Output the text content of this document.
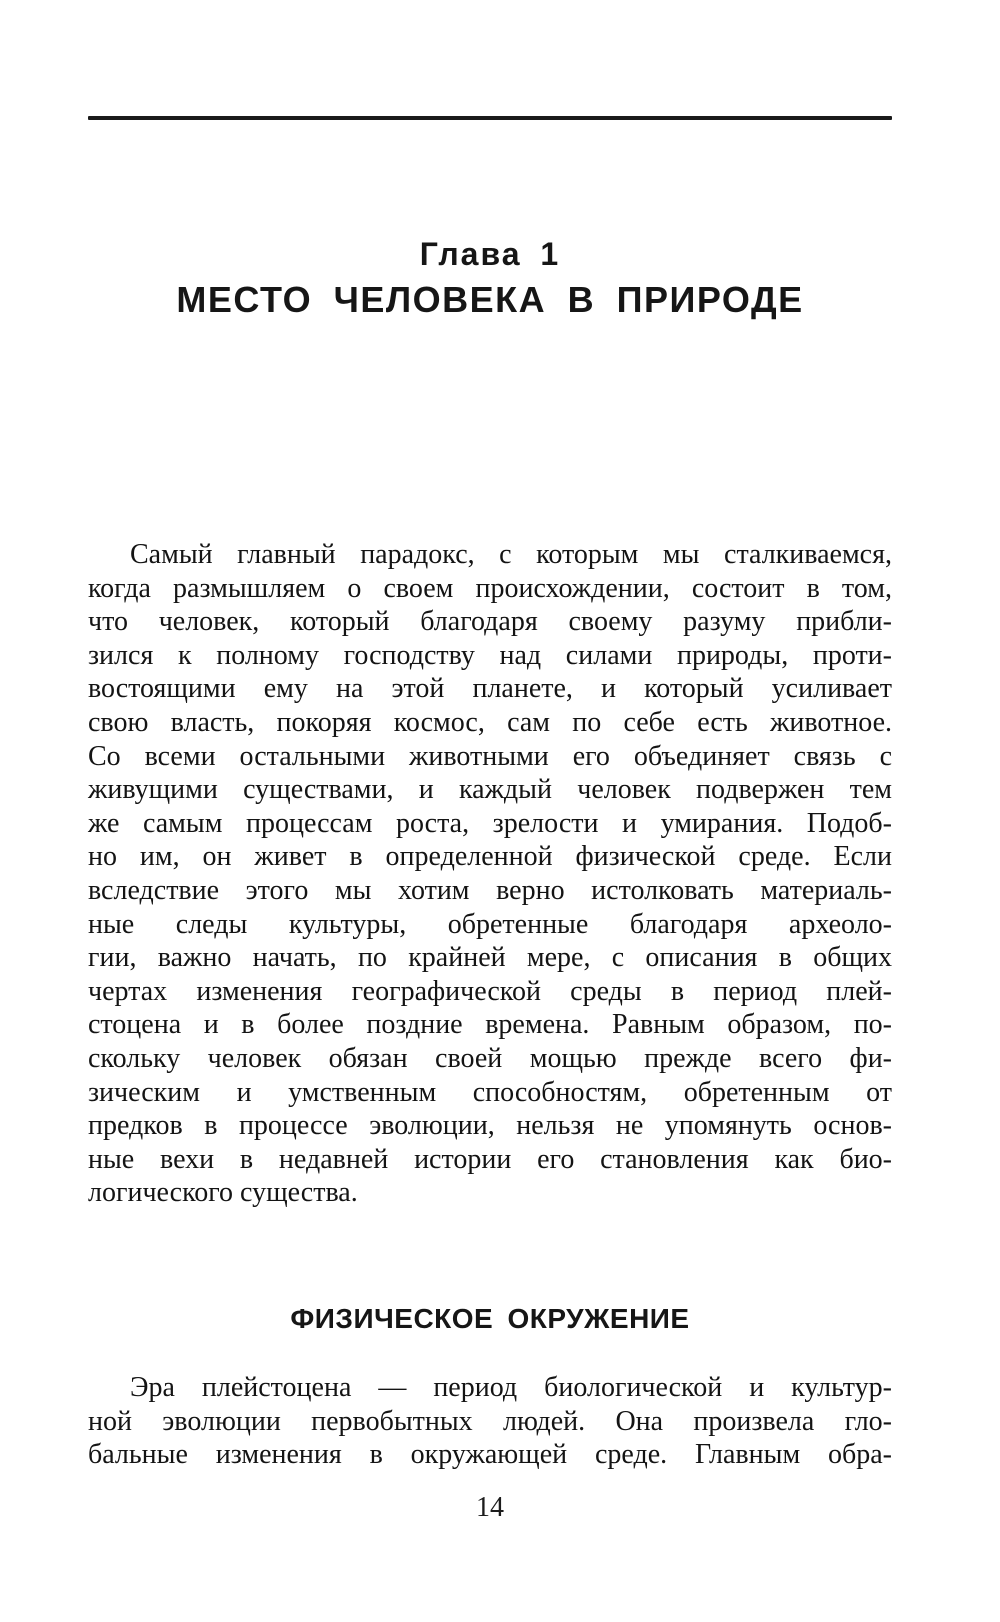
Глава 1
МЕСТО ЧЕЛОВЕКА В ПРИРОДЕ
Самый главный парадокс, с которым мы сталкиваемся,
когда размышляем о своем происхождении, состоит в том,
что человек, который благодаря своему разуму прибли-
зился к полному господству над силами природы, проти-
востоящими ему на этой планете, и который усиливает
свою власть, покоряя космос, сам по себе есть животное.
Со всеми остальными животными его объединяет связь с
живущими существами, и каждый человек подвержен тем
же самым процессам роста, зрелости и умирания. Подоб-
но им, он живет в определенной физической среде. Если
вследствие этого мы хотим верно истолковать материаль-
ные следы культуры, обретенные благодаря археоло-
гии, важно начать, по крайней мере, с описания в общих
чертах изменения географической среды в период плей-
стоцена и в более поздние времена. Равным образом, по-
скольку человек обязан своей мощью прежде всего фи-
зическим и умственным способностям, обретенным от
предков в процессе эволюции, нельзя не упомянуть основ-
ные вехи в недавней истории его становления как био-
логического существа.
ФИЗИЧЕСКОЕ ОКРУЖЕНИЕ
Эра плейстоцена — период биологической и культур-
ной эволюции первобытных людей. Она произвела гло-
бальные изменения в окружающей среде. Главным обра-
14
